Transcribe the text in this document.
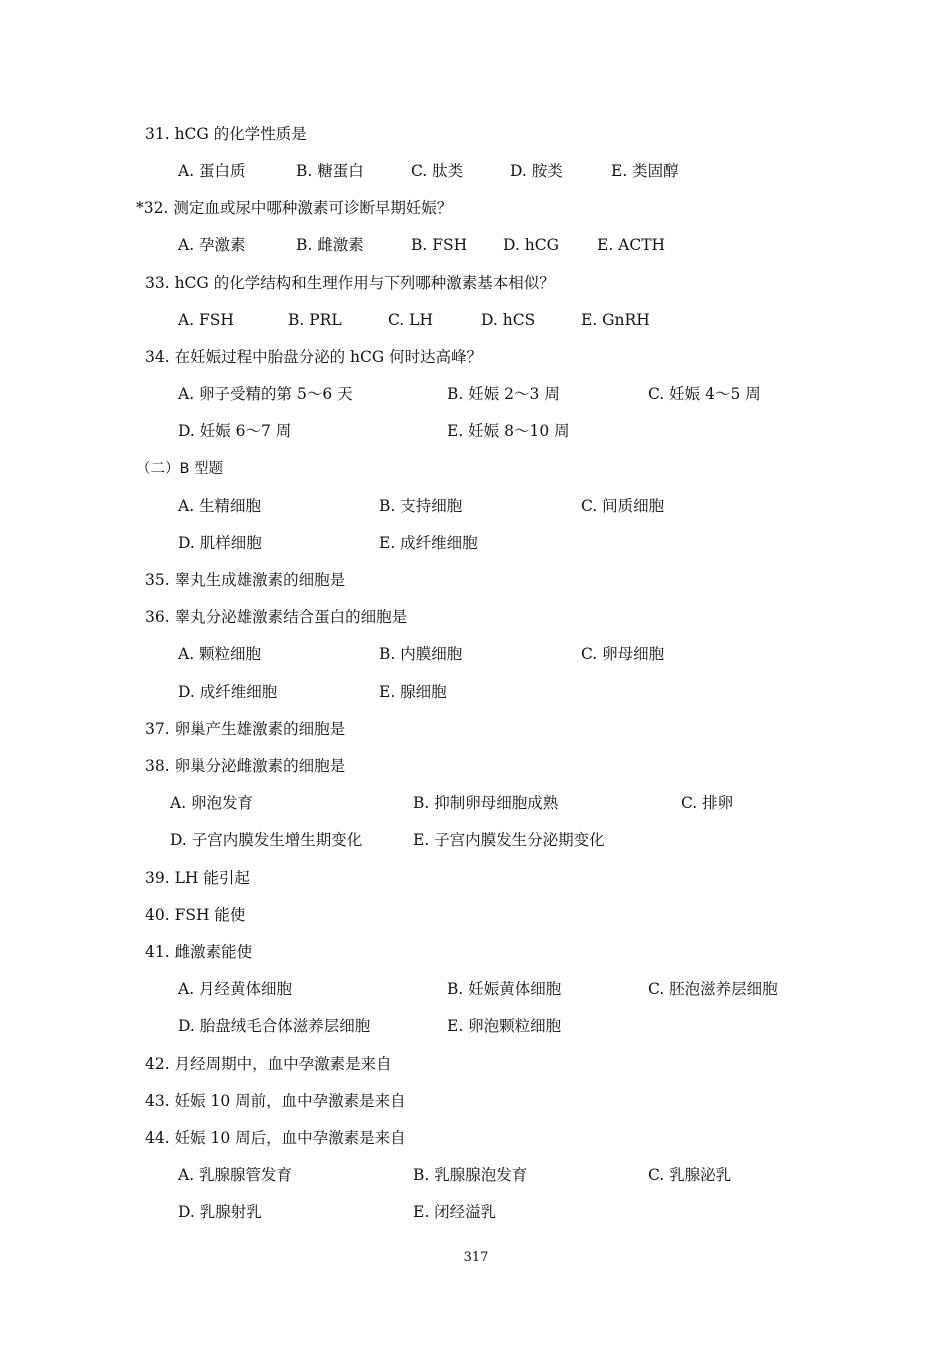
31. hCG 的化学性质是
A. 蛋白质	B. 糖蛋白	C. 肽类	D. 胺类	E. 类固醇
*32. 测定血或尿中哪种激素可诊断早期妊娠？
A. 孕激素	B. 雌激素	B. FSH D. hCG E. ACTH
33. hCG 的化学结构和生理作用与下列哪种激素基本相似？
A. FSH	B. PRL	C. LH	D. hCS	E. GnRH
34. 在妊娠过程中胎盘分泌的 hCG 何时达高峰？
A. 卵子受精的第 5～6 天	B. 妊娠 2～3 周	C. 妊娠 4～5 周
D. 妊娠 6～7 周	E. 妊娠 8～10 周
（二）B 型题
A. 生精细胞	B. 支持细胞	C. 间质细胞
D. 肌样细胞	E. 成纤维细胞
35. 睾丸生成雄激素的细胞是
36. 睾丸分泌雄激素结合蛋白的细胞是
A. 颗粒细胞	B. 内膜细胞	C. 卵母细胞
D. 成纤维细胞	E. 腺细胞
37. 卵巢产生雄激素的细胞是
38. 卵巢分泌雌激素的细胞是
A. 卵泡发育	B. 抑制卵母细胞成熟	C. 排卵
D. 子宫内膜发生增生期变化	E. 子宫内膜发生分泌期变化
39. LH 能引起
40. FSH 能使
41. 雌激素能使
A. 月经黄体细胞	B. 妊娠黄体细胞	C. 胚泡滋养层细胞
D. 胎盘绒毛合体滋养层细胞	E. 卵泡颗粒细胞
42. 月经周期中，血中孕激素是来自
43. 妊娠 10 周前，血中孕激素是来自
44. 妊娠 10 周后，血中孕激素是来自
A. 乳腺腺管发育	B. 乳腺腺泡发育	C. 乳腺泌乳
D. 乳腺射乳	E. 闭经溢乳
317
